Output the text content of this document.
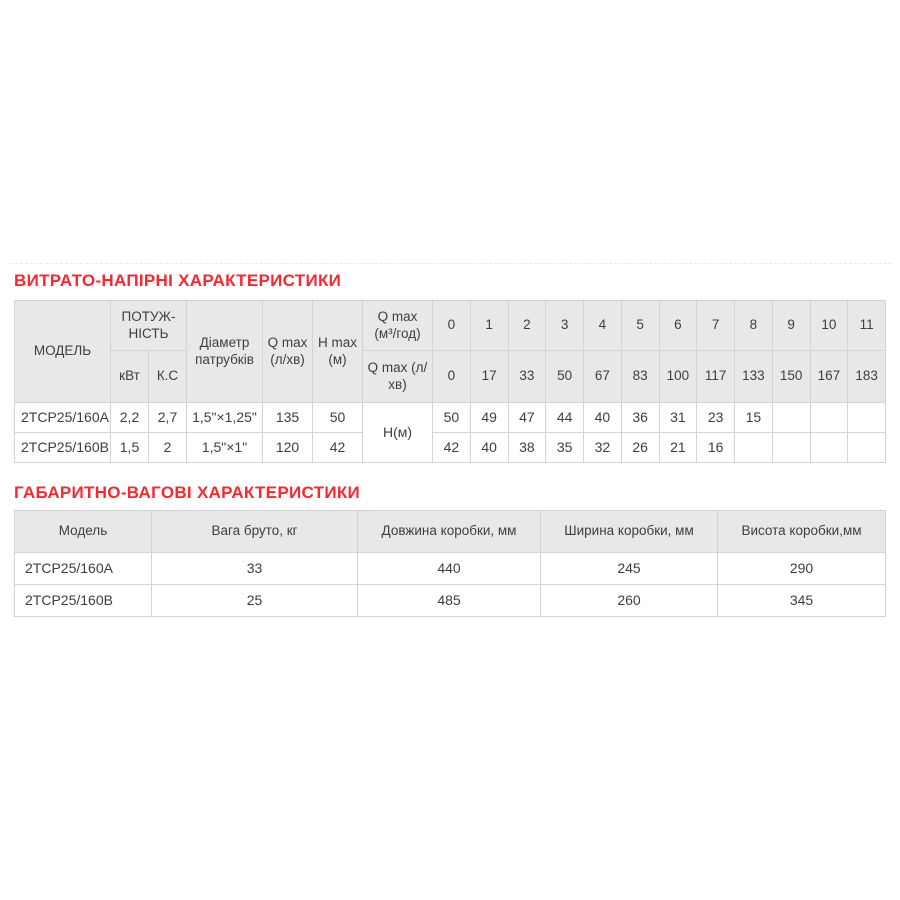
ВИТРАТО-НАПІРНІ ХАРАКТЕРИСТИКИ
МОДЕЛЬ	ПОТУЖ-НІСТЬ		Діаметр патрубків	Q max (л/хв)	H max (м)	Q max (м³/год)	0	1	2	3	4	5	6	7	8	9	10	11
	кВт	К.С				Q max (л/хв)	0	17	33	50	67	83	100	117	133	150	167	183
2TCP25/160A	2,2	2,7	1,5"×1,25"	135	50	Н(м)	50	49	47	44	40	36	31	23	15			
2TCP25/160B	1,5	2	1,5"×1"	120	42		42	40	38	35	32	26	21	16				
ГАБАРИТНО-ВАГОВІ ХАРАКТЕРИСТИКИ
Модель	Вага бруто, кг	Довжина коробки, мм	Ширина коробки, мм	Висота коробки,мм
2TCP25/160A	33	440	245	290
2TCP25/160B	25	485	260	345
